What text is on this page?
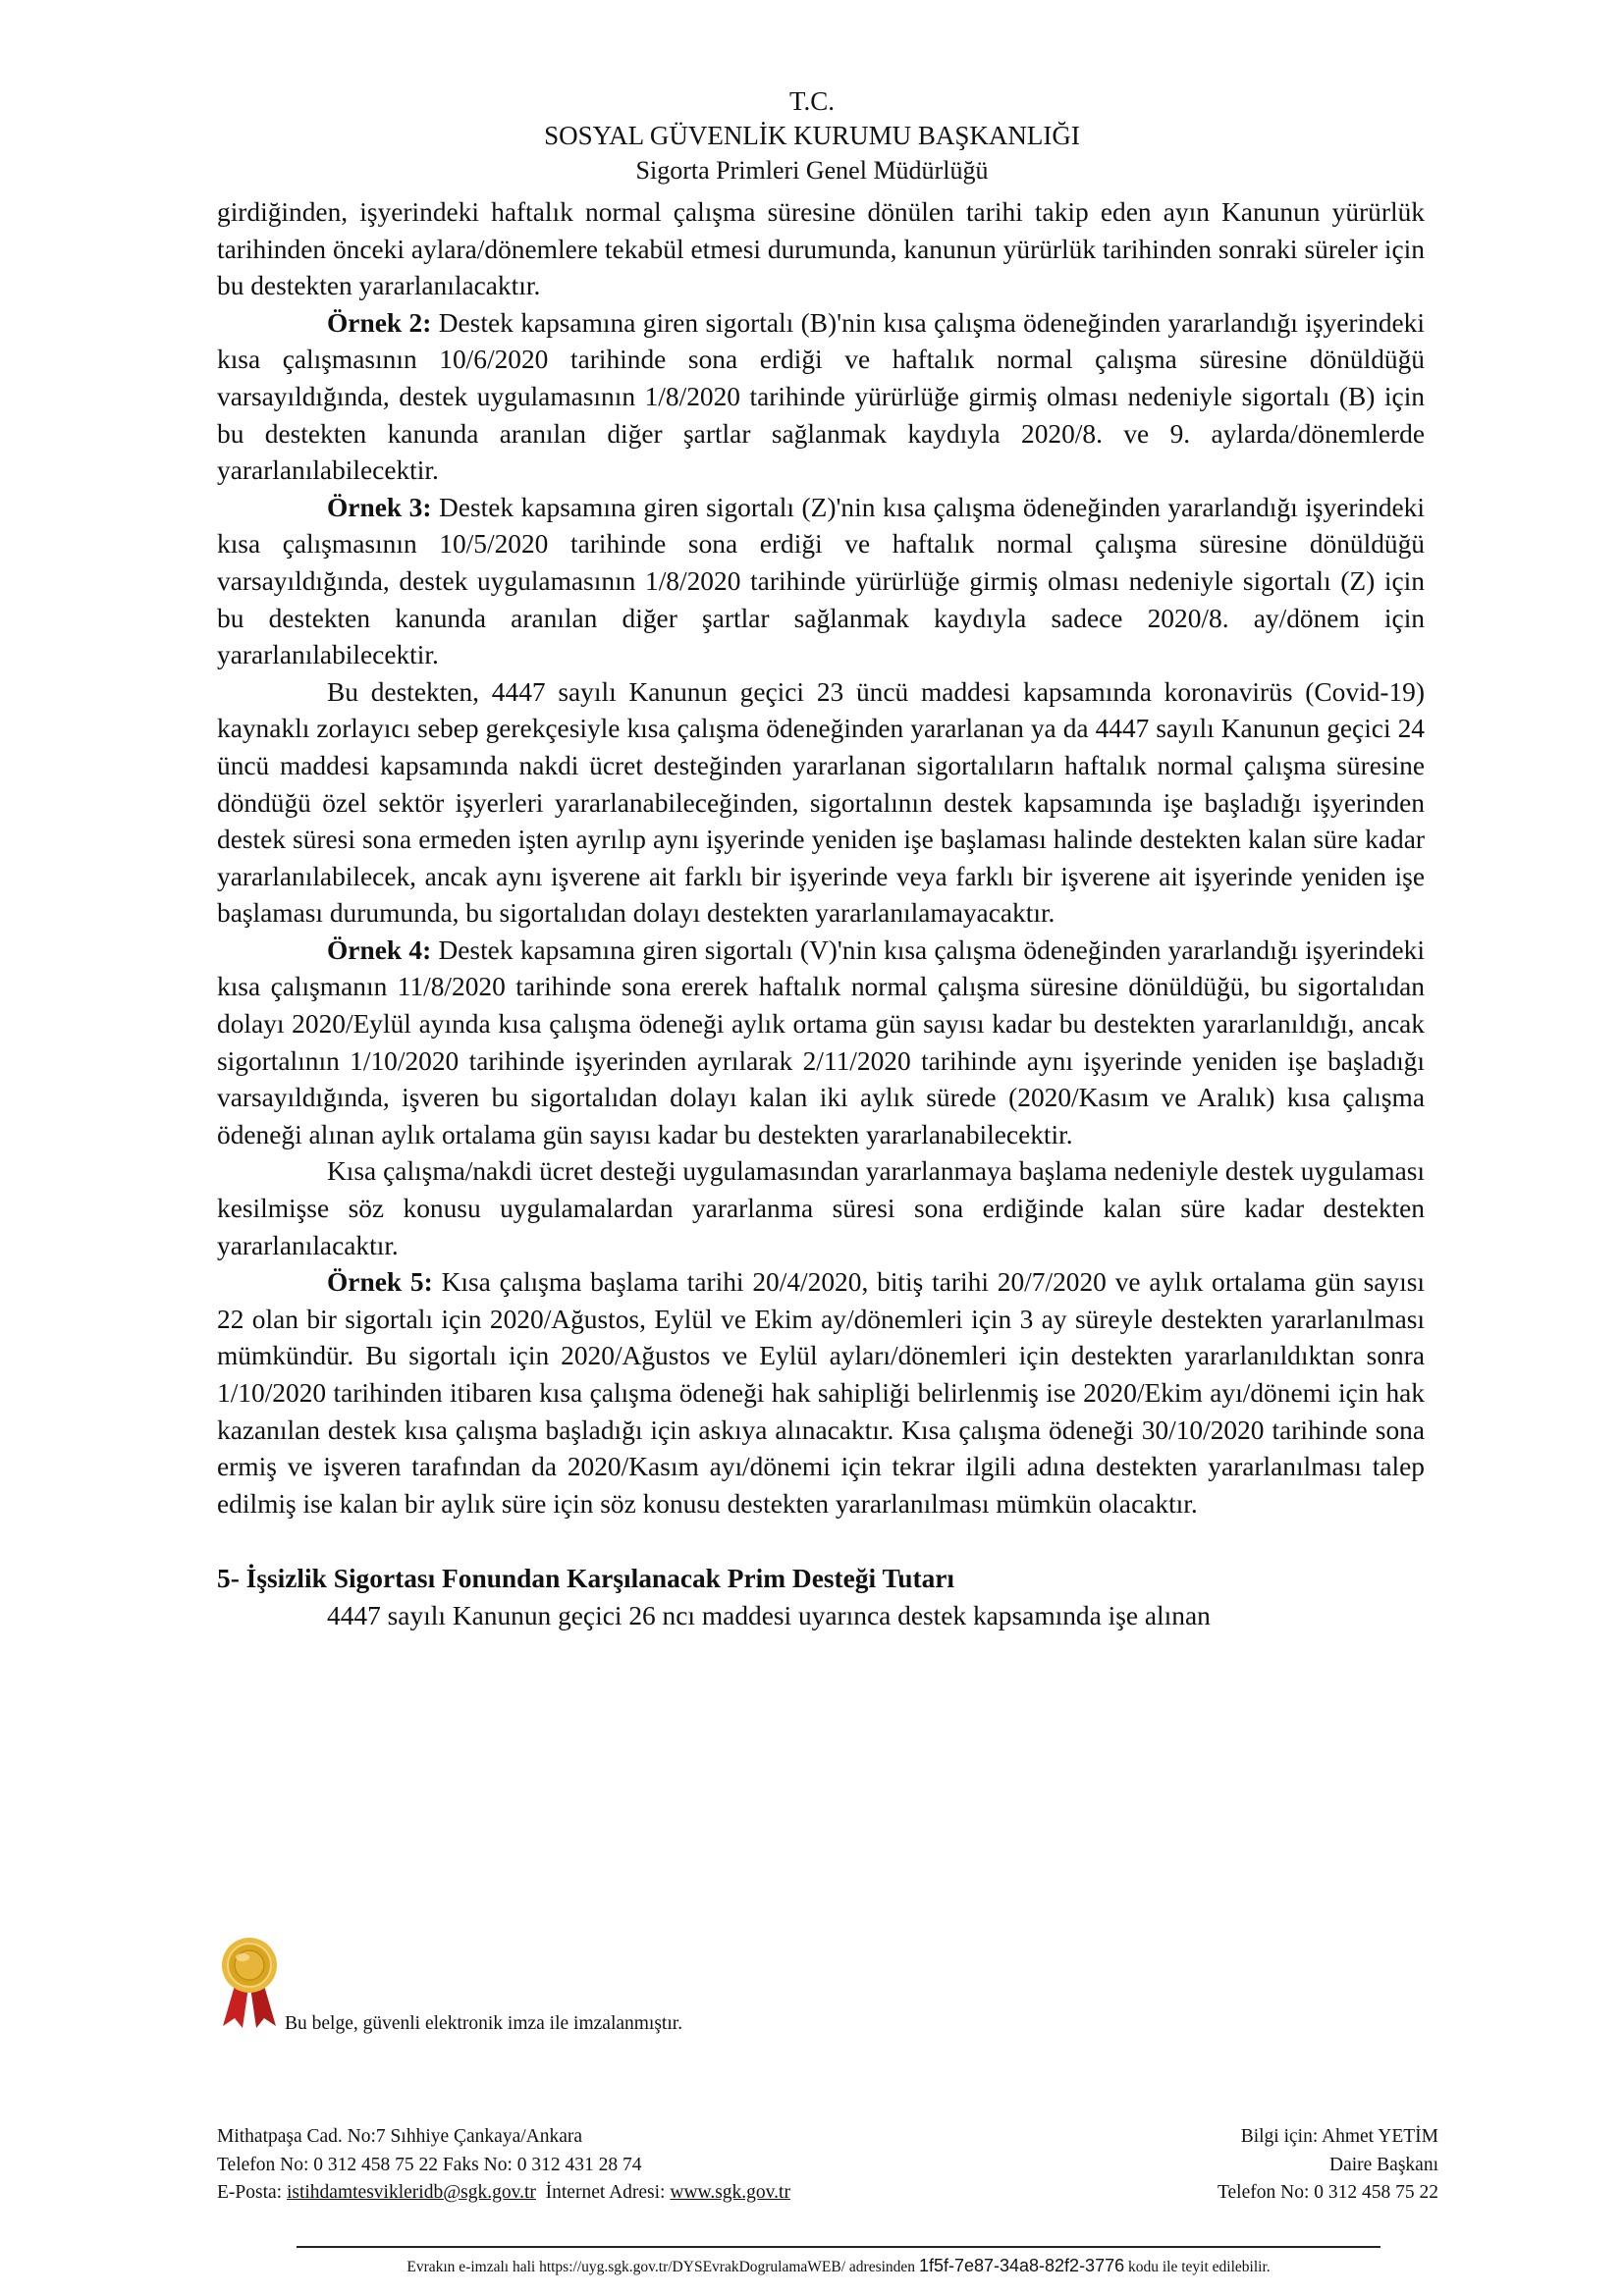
T.C.
SOSYAL GÜVENLİK KURUMU BAŞKANLIĞI
Sigorta Primleri Genel Müdürlüğü

girdiğinden, işyerindeki haftalık normal çalışma süresine dönülen tarihi takip eden ayın Kanunun yürürlük tarihinden önceki aylara/dönemlere tekabül etmesi durumunda, kanunun yürürlük tarihinden sonraki süreler için bu destekten yararlanılacaktır.

Örnek 2: Destek kapsamına giren sigortalı (B)'nin kısa çalışma ödeneğinden yararlandığı işyerindeki kısa çalışmasının 10/6/2020 tarihinde sona erdiği ve haftalık normal çalışma süresine dönüldüğü varsayıldığında, destek uygulamasının 1/8/2020 tarihinde yürürlüğe girmiş olması nedeniyle sigortalı (B) için bu destekten kanunda aranılan diğer şartlar sağlanmak kaydıyla 2020/8. ve 9. aylarda/dönemlerde yararlanılabilecektir.

Örnek 3: Destek kapsamına giren sigortalı (Z)'nin kısa çalışma ödeneğinden yararlandığı işyerindeki kısa çalışmasının 10/5/2020 tarihinde sona erdiği ve haftalık normal çalışma süresine dönüldüğü varsayıldığında, destek uygulamasının 1/8/2020 tarihinde yürürlüğe girmiş olması nedeniyle sigortalı (Z) için bu destekten kanunda aranılan diğer şartlar sağlanmak kaydıyla sadece 2020/8. ay/dönem için yararlanılabilecektir.

Bu destekten, 4447 sayılı Kanunun geçici 23 üncü maddesi kapsamında koronavirüs (Covid-19) kaynaklı zorlayıcı sebep gerekçesiyle kısa çalışma ödeneğinden yararlanan ya da 4447 sayılı Kanunun geçici 24 üncü maddesi kapsamında nakdi ücret desteğinden yararlanan sigortalıların haftalık normal çalışma süresine döndüğü özel sektör işyerleri yararlanabileceğinden, sigortalının destek kapsamında işe başladığı işyerinden destek süresi sona ermeden işten ayrılıp aynı işyerinde yeniden işe başlaması halinde destekten kalan süre kadar yararlanılabilecek, ancak aynı işverene ait farklı bir işyerinde veya farklı bir işverene ait işyerinde yeniden işe başlaması durumunda, bu sigortalıdan dolayı destekten yararlanılamayacaktır.

Örnek 4: Destek kapsamına giren sigortalı (V)'nin kısa çalışma ödeneğinden yararlandığı işyerindeki kısa çalışmanın 11/8/2020 tarihinde sona ererek haftalık normal çalışma süresine dönüldüğü, bu sigortalıdan dolayı 2020/Eylül ayında kısa çalışma ödeneği aylık ortama gün sayısı kadar bu destekten yararlanıldığı, ancak sigortalının 1/10/2020 tarihinde işyerinden ayrılarak 2/11/2020 tarihinde aynı işyerinde yeniden işe başladığı varsayıldığında, işveren bu sigortalıdan dolayı kalan iki aylık sürede (2020/Kasım ve Aralık) kısa çalışma ödeneği alınan aylık ortalama gün sayısı kadar bu destekten yararlanabilecektir.

Kısa çalışma/nakdi ücret desteği uygulamasından yararlanmaya başlama nedeniyle destek uygulaması kesilmişse söz konusu uygulamalardan yararlanma süresi sona erdiğinde kalan süre kadar destekten yararlanılacaktır.

Örnek 5: Kısa çalışma başlama tarihi 20/4/2020, bitiş tarihi 20/7/2020 ve aylık ortalama gün sayısı 22 olan bir sigortalı için 2020/Ağustos, Eylül ve Ekim ay/dönemleri için 3 ay süreyle destekten yararlanılması mümkündür. Bu sigortalı için 2020/Ağustos ve Eylül ayları/dönemleri için destekten yararlanıldıktan sonra 1/10/2020 tarihinden itibaren kısa çalışma ödeneği hak sahipliği belirlenmiş ise 2020/Ekim ayı/dönemi için hak kazanılan destek kısa çalışma başladığı için askıya alınacaktır. Kısa çalışma ödeneği 30/10/2020 tarihinde sona ermiş ve işveren tarafından da 2020/Kasım ayı/dönemi için tekrar ilgili adına destekten yararlanılması talep edilmiş ise kalan bir aylık süre için söz konusu destekten yararlanılması mümkün olacaktır.

5- İşsizlik Sigortası Fonundan Karşılanacak Prim Desteği Tutarı

4447 sayılı Kanunun geçici 26 ncı maddesi uyarınca destek kapsamında işe alınan

Bu belge, güvenli elektronik imza ile imzalanmıştır.
Mithatpaşa Cad. No:7 Sıhhiye Çankaya/Ankara
Telefon No: 0 312 458 75 22 Faks No: 0 312 431 28 74
E-Posta: istihdamtesvikleridb@sgk.gov.tr  İnternet Adresi: www.sgk.gov.tr
Bilgi için: Ahmet YETİM
Daire Başkanı
Telefon No: 0 312 458 75 22
Evrakın e-imzalı hali https://uyg.sgk.gov.tr/DYSEvrakDogrulamaWEB/ adresinden 1f5f-7e87-34a8-82f2-3776 kodu ile teyit edilebilir.
